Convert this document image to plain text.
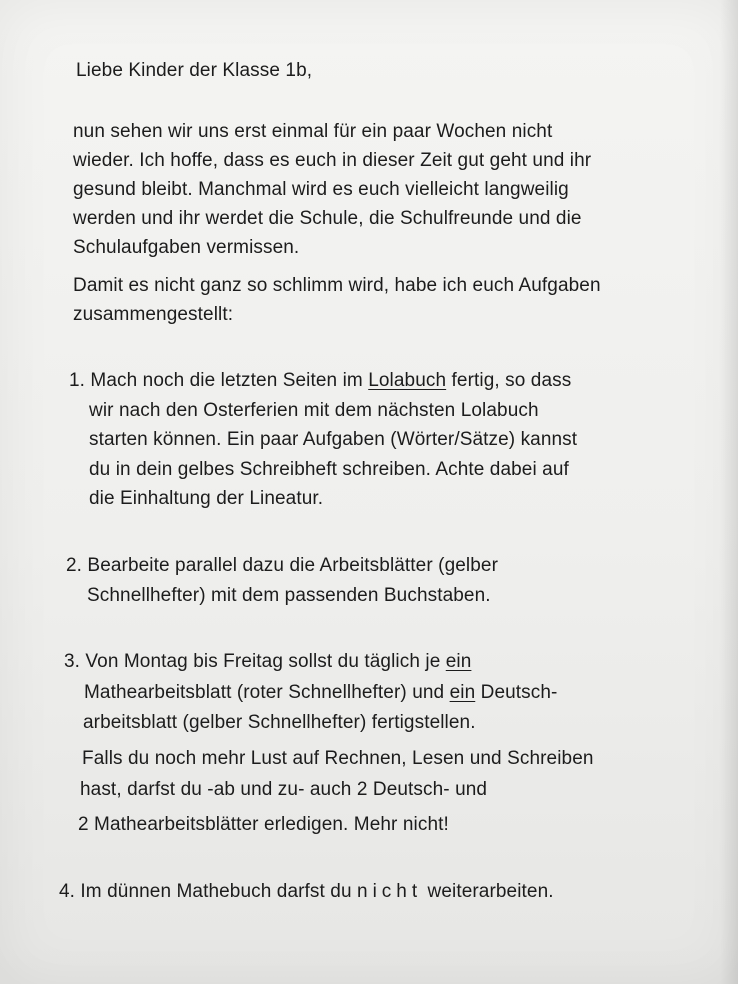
Liebe Kinder der Klasse 1b,
nun sehen wir uns erst einmal für ein paar Wochen nicht
wieder. Ich hoffe, dass es euch in dieser Zeit gut geht und ihr
gesund bleibt. Manchmal wird es euch vielleicht langweilig
werden und ihr werdet die Schule, die Schulfreunde und die
Schulaufgaben vermissen.
Damit es nicht ganz so schlimm wird, habe ich euch Aufgaben
zusammengestellt:
1. Mach noch die letzten Seiten im Lolabuch fertig, so dass
wir nach den Osterferien mit dem nächsten Lolabuch
starten können. Ein paar Aufgaben (Wörter/Sätze) kannst
du in dein gelbes Schreibheft schreiben. Achte dabei auf
die Einhaltung der Lineatur.
2. Bearbeite parallel dazu die Arbeitsblätter (gelber
Schnellhefter) mit dem passenden Buchstaben.
3. Von Montag bis Freitag sollst du täglich je ein
Mathearbeitsblatt (roter Schnellhefter) und ein Deutsch-
arbeitsblatt (gelber Schnellhefter) fertigstellen.
Falls du noch mehr Lust auf Rechnen, Lesen und Schreiben
hast, darfst du -ab und zu- auch 2 Deutsch- und
2 Mathearbeitsblätter erledigen. Mehr nicht!
4. Im dünnen Mathebuch darfst du nicht weiterarbeiten.
